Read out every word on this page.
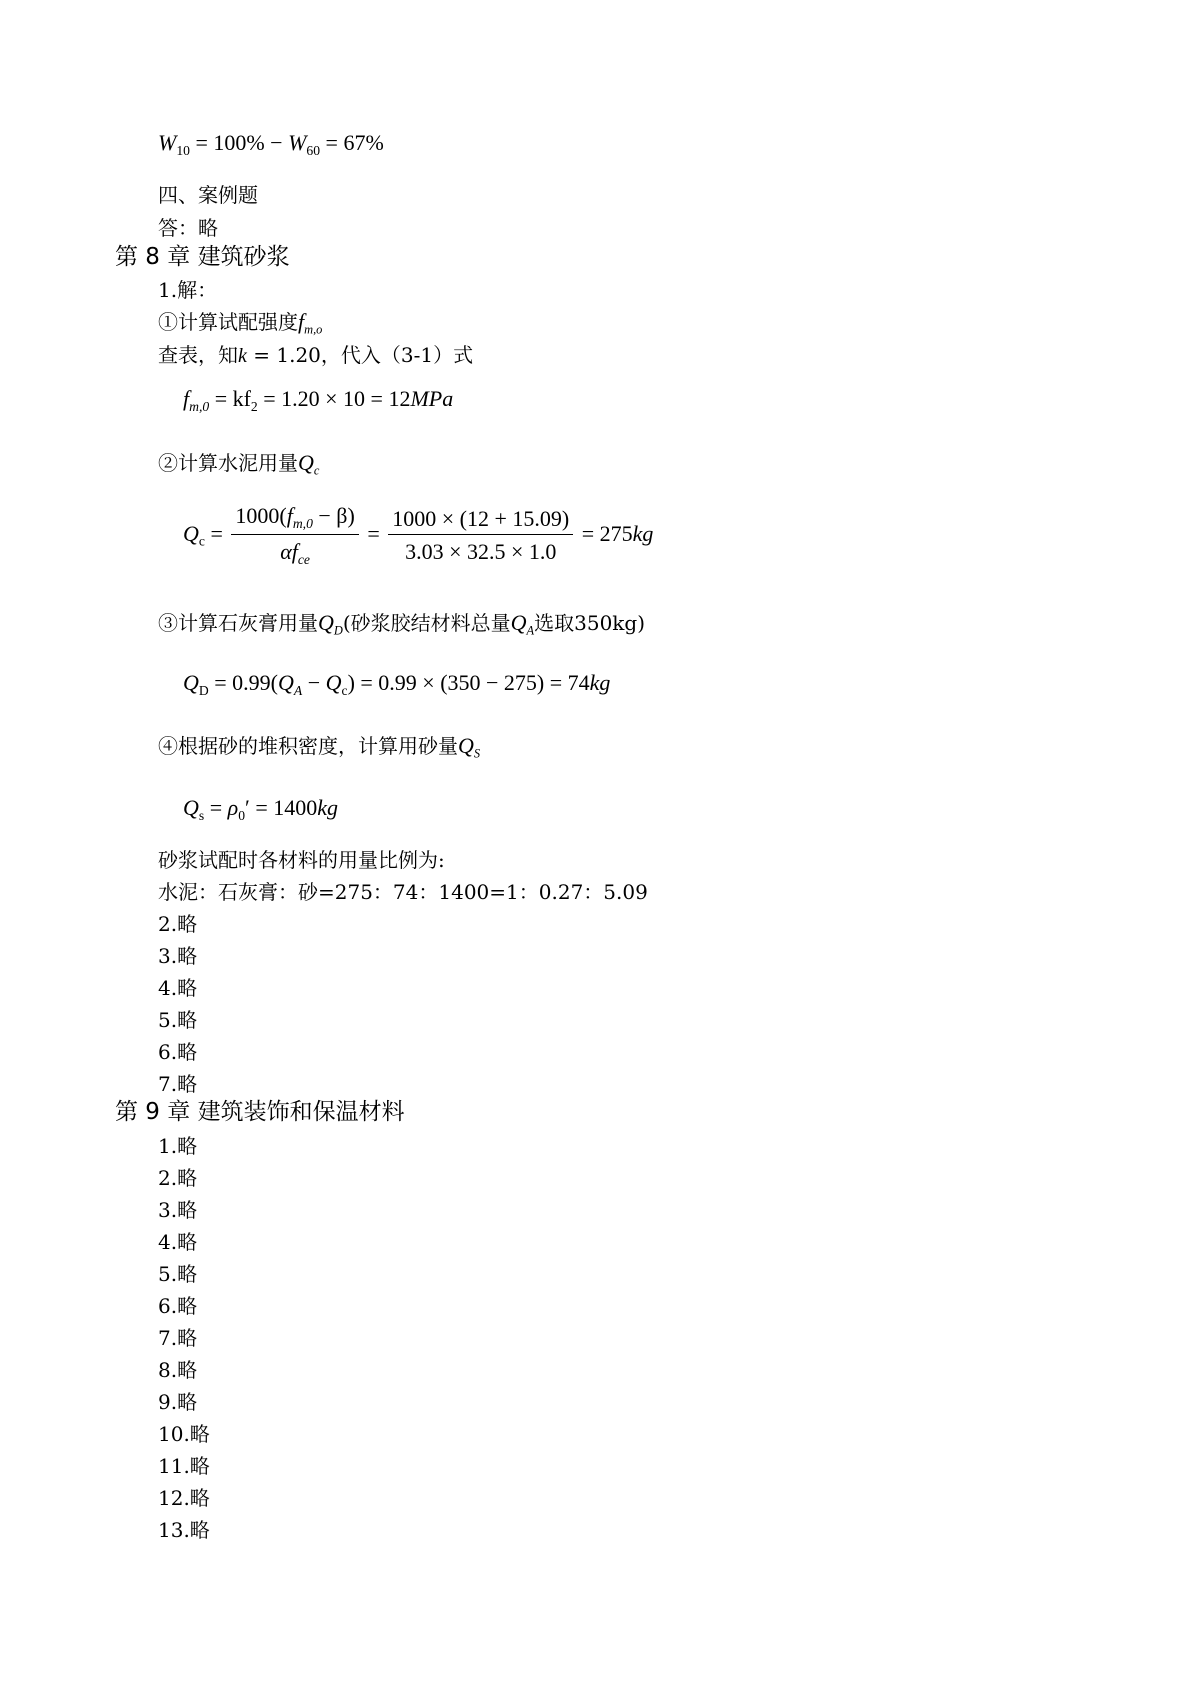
$W_{10} = 100\% - W_{60} = 67\%$
四、案例题
答：略
第 8 章 建筑砂浆
1.解：
①计算试配强度$f_{m,o}$
查表，知k = 1.20，代入（3-1）式
$f_{m,0} = kf_2 = 1.20 \times 10 = 12MPa$
②计算水泥用量$Q_c$
$Q_c = \frac{1000(f_{m,0} - \beta)}{\alpha f_{ce}} = \frac{1000 \times (12 + 15.09)}{3.03 \times 32.5 \times 1.0} = 275kg$
③计算石灰膏用量$Q_D$(砂浆胶结材料总量$Q_A$选取350kg)
$Q_D = 0.99(Q_A - Q_c) = 0.99 \times (350 - 275) = 74kg$
④根据砂的堆积密度，计算用砂量$Q_S$
$Q_s = \rho_0' = 1400kg$
砂浆试配时各材料的用量比例为:
水泥：石灰膏：砂=275：74：1400=1：0.27：5.09
2.略
3.略
4.略
5.略
6.略
7.略
第 9 章 建筑装饰和保温材料
1.略
2.略
3.略
4.略
5.略
6.略
7.略
8.略
9.略
10.略
11.略
12.略
13.略
